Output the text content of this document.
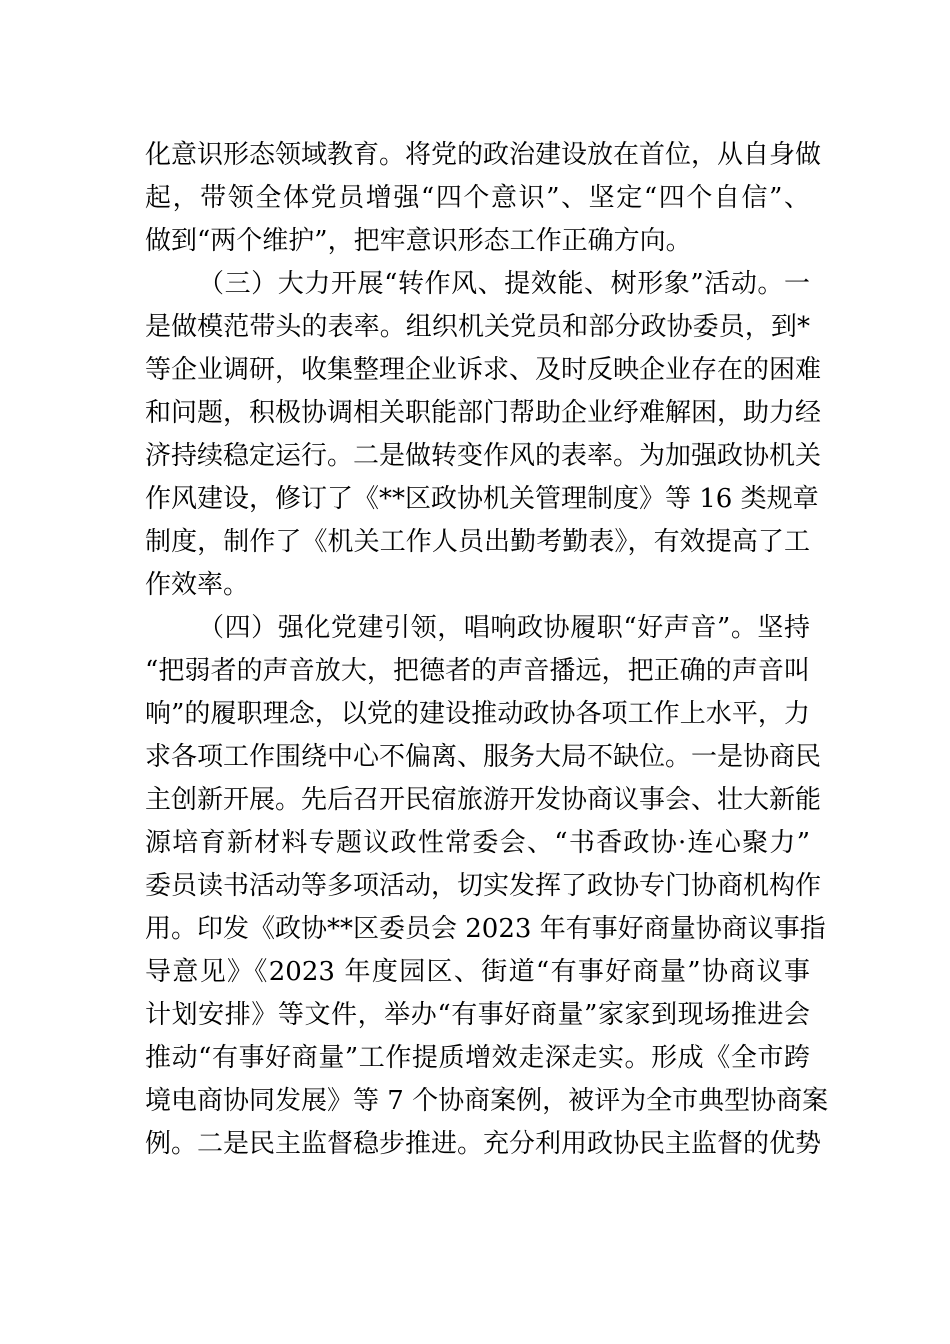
化意识形态领域教育。将党的政治建设放在首位，从自身做
起，带领全体党员增强“四个意识”、坚定“四个自信”、
做到“两个维护”，把牢意识形态工作正确方向。
（三）大力开展“转作风、提效能、树形象”活动。一
是做模范带头的表率。组织机关党员和部分政协委员，到*
等企业调研，收集整理企业诉求、及时反映企业存在的困难
和问题，积极协调相关职能部门帮助企业纾难解困，助力经
济持续稳定运行。二是做转变作风的表率。为加强政协机关
作风建设，修订了《**区政协机关管理制度》等 16 类规章
制度，制作了《机关工作人员出勤考勤表》，有效提高了工
作效率。
（四）强化党建引领，唱响政协履职“好声音”。坚持
“把弱者的声音放大，把德者的声音播远，把正确的声音叫
响”的履职理念，以党的建设推动政协各项工作上水平，力
求各项工作围绕中心不偏离、服务大局不缺位。一是协商民
主创新开展。先后召开民宿旅游开发协商议事会、壮大新能
源培育新材料专题议政性常委会、“书香政协·连心聚力”
委员读书活动等多项活动，切实发挥了政协专门协商机构作
用。印发《政协**区委员会 2023 年有事好商量协商议事指
导意见》《2023 年度园区、街道“有事好商量”协商议事
计划安排》等文件，举办“有事好商量”家家到现场推进会
推动“有事好商量”工作提质增效走深走实。形成《全市跨
境电商协同发展》等 7 个协商案例，被评为全市典型协商案
例。二是民主监督稳步推进。充分利用政协民主监督的优势
